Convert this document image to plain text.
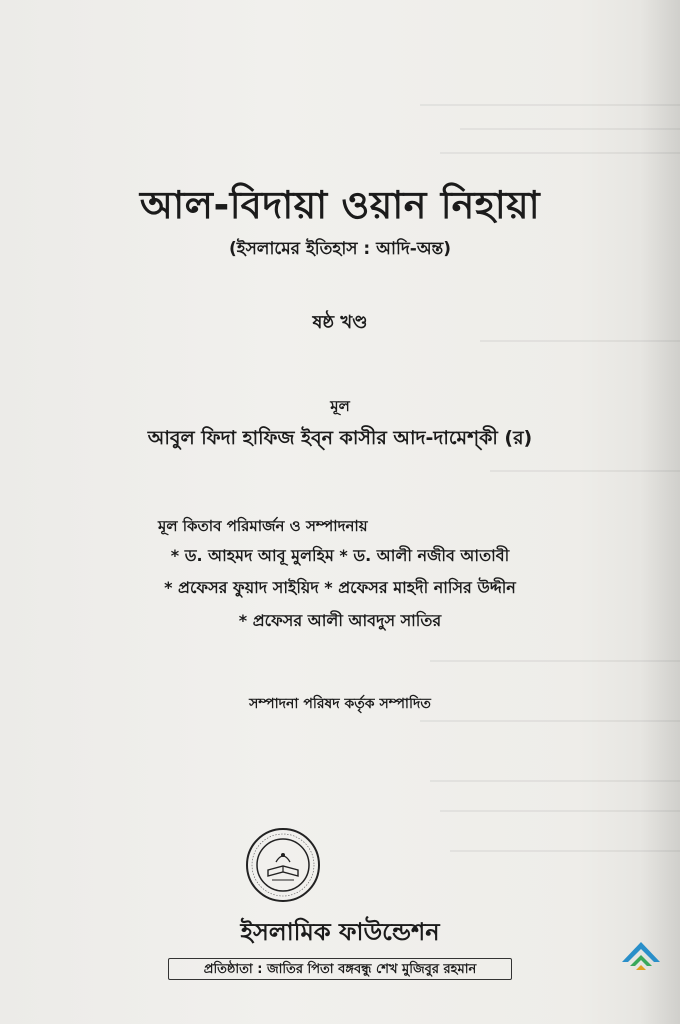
আল-বিদায়া ওয়ান নিহায়া

(ইসলামের ইতিহাস : আদি-অন্ত)

ষষ্ঠ খণ্ড

মূল

আবুল ফিদা হাফিজ ইব্‌ন কাসীর আদ-দামেশ্‌কী (র)

মূল কিতাব পরিমার্জন ও সম্পাদনায়

* ড. আহমদ আবূ মুলহিম * ড. আলী নজীব আতাবী

* প্রফেসর ফুয়াদ সাইয়িদ * প্রফেসর মাহদী নাসির উদ্দীন

* প্রফেসর আলী আবদুস সাতির

সম্পাদনা পরিষদ কর্তৃক সম্পাদিত

ইসলামিক ফাউন্ডেশন

প্রতিষ্ঠাতা : জাতির পিতা বঙ্গবন্ধু শেখ মুজিবুর রহমান
